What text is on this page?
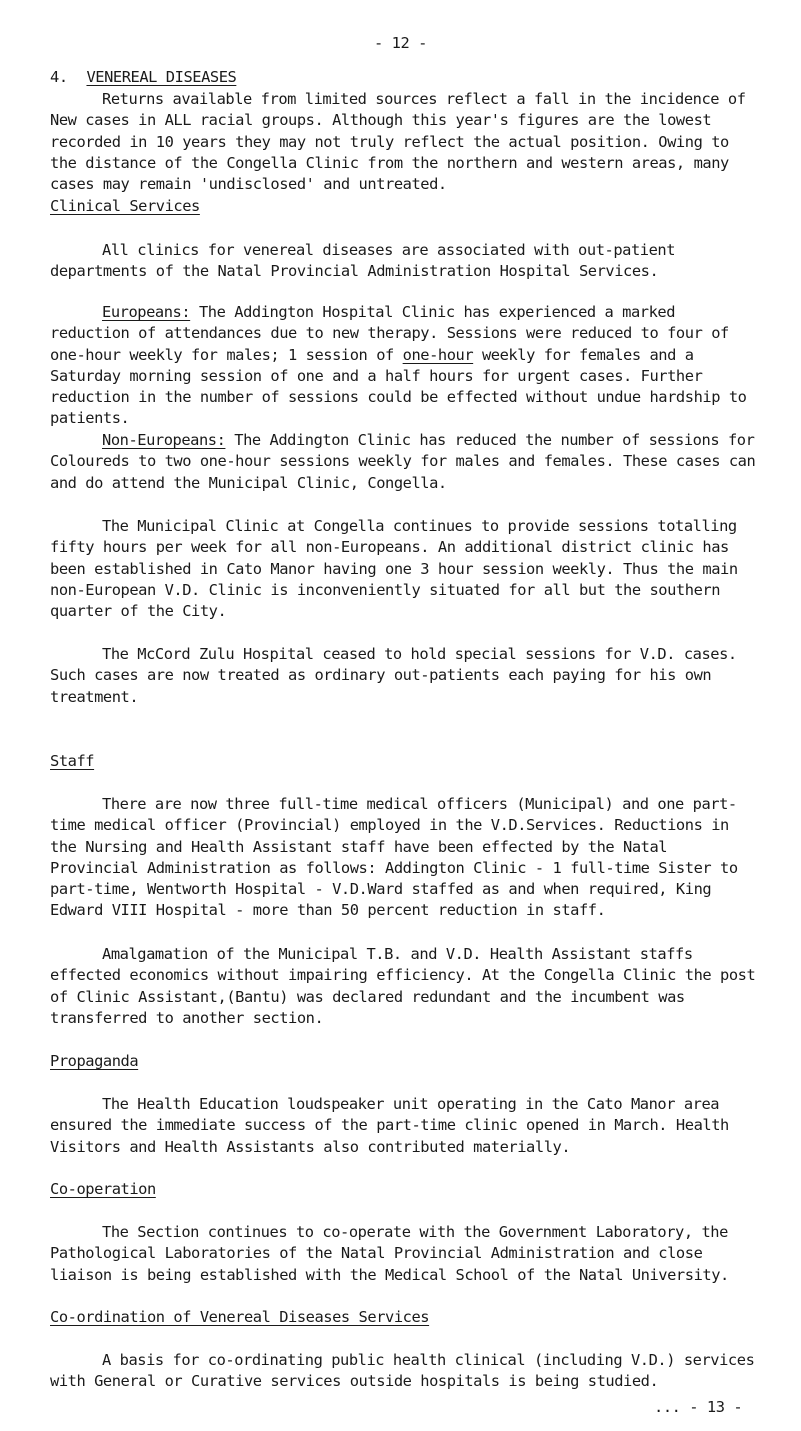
- 12 -
4. VENEREAL DISEASES

Returns available from limited sources reflect a fall in the incidence of New cases in ALL racial groups. Although this year's figures are the lowest recorded in 10 years they may not truly reflect the actual position. Owing to the distance of the Congella Clinic from the northern and western areas, many cases may remain 'undisclosed' and untreated.

Clinical Services

All clinics for venereal diseases are associated with out-patient departments of the Natal Provincial Administration Hospital Services.

Europeans: The Addington Hospital Clinic has experienced a marked reduction of attendances due to new therapy. Sessions were reduced to four of one-hour weekly for males; 1 session of one-hour weekly for females and a Saturday morning session of one and a half hours for urgent cases. Further reduction in the number of sessions could be effected without undue hardship to patients.

Non-Europeans: The Addington Clinic has reduced the number of sessions for Coloureds to two one-hour sessions weekly for males and females. These cases can and do attend the Municipal Clinic, Congella.

The Municipal Clinic at Congella continues to provide sessions totalling fifty hours per week for all non-Europeans. An additional district clinic has been established in Cato Manor having one 3 hour session weekly. Thus the main non-European V.D. Clinic is inconveniently situated for all but the southern quarter of the City.

The McCord Zulu Hospital ceased to hold special sessions for V.D. cases. Such cases are now treated as ordinary out-patients each paying for his own treatment.

Staff

There are now three full-time medical officers (Municipal) and one part-time medical officer (Provincial) employed in the V.D.Services. Reductions in the Nursing and Health Assistant staff have been effected by the Natal Provincial Administration as follows: Addington Clinic - 1 full-time Sister to part-time, Wentworth Hospital - V.D.Ward staffed as and when required, King Edward VIII Hospital - more than 50 percent reduction in staff.

Amalgamation of the Municipal T.B. and V.D. Health Assistant staffs effected economics without impairing efficiency. At the Congella Clinic the post of Clinic Assistant,(Bantu) was declared redundant and the incumbent was transferred to another section.

Propaganda

The Health Education loudspeaker unit operating in the Cato Manor area ensured the immediate success of the part-time clinic opened in March. Health Visitors and Health Assistants also contributed materially.

Co-operation

The Section continues to co-operate with the Government Laboratory, the Pathological Laboratories of the Natal Provincial Administration and close liaison is being established with the Medical School of the Natal University.

Co-ordination of Venereal Diseases Services

A basis for co-ordinating public health clinical (including V.D.) services with General or Curative services outside hospitals is being studied.

... - 13 -
